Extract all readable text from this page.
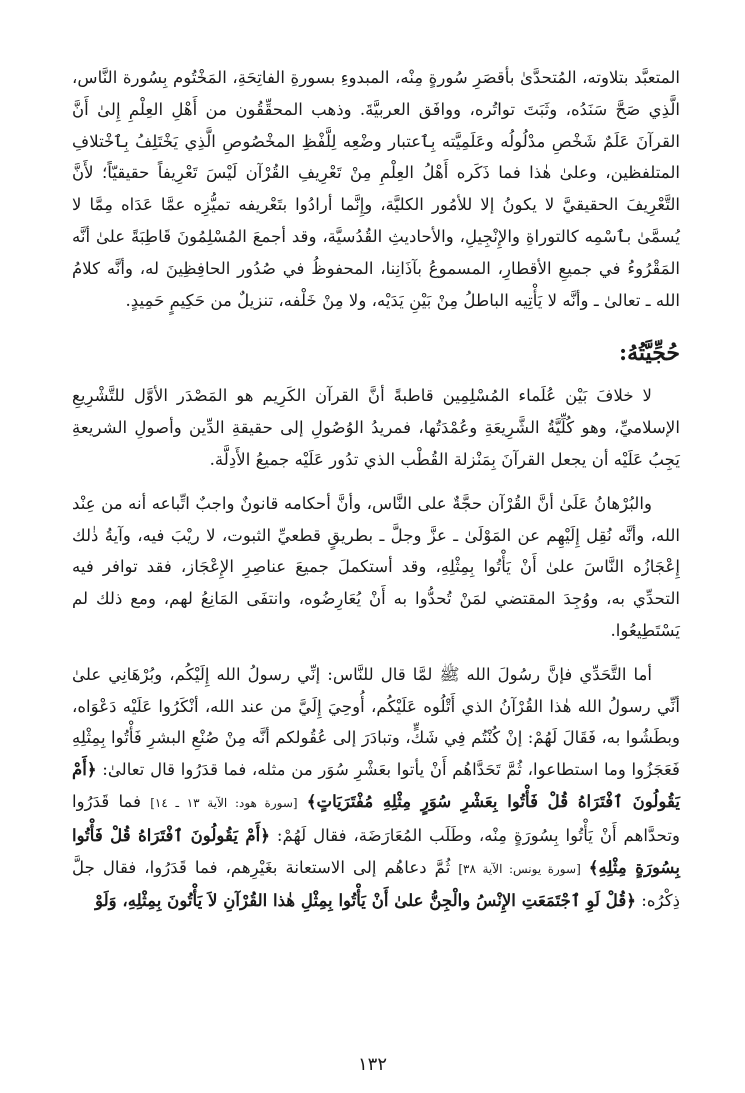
المتعبَّد بتلاوته، المُتحدَّىٰ بأقصَرِ سُورةٍ مِنْه، المبدوءِ بسورةِ الفاتِحَةِ، المَخْتُوم بِسُورة النَّاس، الَّذِي صَحَّ سَنَدُه، وثَبَتَ تواتُره، ووافَق العربيَّةَ. وذهب المحقِّقُون من أَهْلِ العِلْمِ إِلىٰ أَنَّ القرآنَ عَلَمٌ شَخْصِ مدْلُولُه وعَلَمِيَّته بِٱعتبار وضْعِه لِلَّفْظِ المخْصُوصِ الَّذِي يَخْتَلِفُ بِٱخْتلافِ المتلفظين، وعلىٰ هٰذا فما ذَكَره أَهْلُ العِلْمِ مِنْ تَعْرِيفِ القُرْآن لَيْسَ تَعْرِيفاً حقيقيّاً؛ لأَنَّ التَّعْرِيفَ الحقيقيَّ لا يكونُ إلا للأمُور الكليَّة، وإِنَّما أرادُوا بتَعْريفه تميُّزِه عمَّا عَدَاه مِمَّا لا يُسمَّىٰ بٱسْمِه كالتوراةِ والإِنْجِيلِ، والأحاديثِ القُدُسيَّة، وقد أجمعَ المُسْلِمُونَ قَاطِبَةً علىٰ أنَّه المَقْرُوءُ في جميعِ الأقطارِ، المسموعُ بآذَانِنا، المحفوظُ في صُدُور الحافِظِينَ له، وأنَّه كلامُ الله ـ تعالىٰ ـ وأنَّه لا يَأْتِيه الباطلُ مِنْ بَيْنِ يَدَيْه، ولا مِنْ خَلْفه، تنزيلٌ من حَكِيمٍ حَمِيدٍ.

حُجِّيَّتُهُ:

لا خلافَ بَيْن عُلَماء المُسْلِمِين قاطبةً أنَّ القرآن الكَرِيم هو المَصْدَر الأوَّل للتَّشْرِيعِ الإسلاميِّ، وهو كُلِّيَّةُ الشَّرِيعَةِ وعُمْدَتُها، فمريدُ الوُصُولِ إلى حقيقةِ الدِّين وأصولِ الشريعةِ يَجِبُ عَلَيْه أن يجعل القرآنَ بِمَنْزلة القُطْب الذي تدُور عَلَيْه جميعُ الأَدِلَّة.

والبُرْهانُ عَلَىٰ أنَّ القُرْآن حجَّةٌ على النَّاس، وأنَّ أحكامه قانونٌ واجبٌ اتِّباعه أنه من عِنْد الله، وأنَّه نُقِل إِلَيْهِم عن المَوْلَىٰ ـ عزَّ وجلَّ ـ بطريقٍ قطعيِّ الثبوت، لا ريْبَ فيه، وآيةُ ذٰلك إِعْجَازُه النَّاسَ علىٰ أَنْ يَأْتُوا بِمِثْلِهِ، وقد أستكملَ جميعَ عناصِرِ الإِعْجَاز، فقد توافر فيه التحدِّي به، ووُجِدَ المقتضي لمَنْ تُحدُّوا به أَنْ يُعَارِضُوه، وانتفَى المَانِعُ لهم، ومع ذلك لم يَسْتَطِيعُوا.

أما التَّحَدِّي فإنَّ رسُولَ الله ﷺ لمَّا قال للنَّاس: إنِّي رسولُ الله إِلَيْكُم، وبُرْهَانِي علىٰ أنِّي رسولُ الله هٰذا القُرْآنُ الذي أَتْلُوه عَلَيْكُم، أُوحِيَ إِلَيَّ من عند الله، أنْكَرُوا عَلَيْه دَعْوَاه، وبطَشُوا به، فَقَالَ لَهُمْ: إنْ كُنْتُم فِي شَكٍّ، وتبادَرَ إلى عُقُولكم أنَّه مِنْ صُنْعِ البشرِ فَأْتُوا بِمِثْلِهِ فَعَجَزُوا وما استطاعوا، ثُمَّ تَحَدَّاهُم أَنْ يأتوا بعَشْرِ سُوَر من مثله، فما قدَرُوا قال تعالىٰ: ﴿أَمْ يَقُولُونَ ٱفْتَرَاهُ قُلْ فَأْتُوا بِعَشْرِ سُوَرٍ مِثْلِهِ مُفْتَرَيَاتٍ﴾ [سورة هود: الآية ١٣ ـ ١٤] فما قَدَرُوا وتحدَّاهم أَنْ يَأْتُوا بِسُورَةٍ مِنْه، وطَلَب المُعَارَضَة، فقال لَهُمْ: ﴿أَمْ يَقُولُونَ ٱفْتَرَاهُ قُلْ فَأْتُوا بِسُورَةٍ مِثْلِهِ﴾ [سورة يونس: الآية ٣٨] ثُمَّ دعاهُم إلى الاستعانة بغَيْرِهم، فما قَدَرُوا، فقال جلَّ ذِكْرُه: ﴿قُلْ لَوِ ٱجْتَمَعَتِ الإِنْسُ والْجِنُّ علىٰ أَنْ يَأْتُوا بِمِثْلِ هٰذا القُرْآنِ لاَ يَأْتُونَ بِمِثْلِهِ، وَلَوْ

١٣٢
